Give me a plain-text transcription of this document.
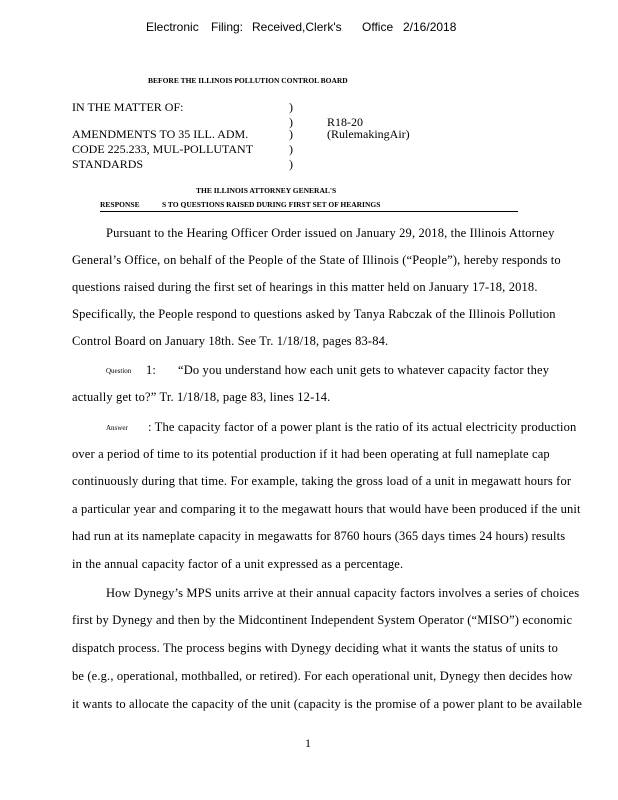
Electronic Filing: Received,Clerk's Office 2/16/2018
BEFORE THE ILLINOIS POLLUTION CONTROL BOARD
IN THE MATTER OF:
AMENDMENTS TO 35 ILL. ADM.
CODE 225.233, MUL-POLLUTANT
STANDARDS
)
)
)
)
)
R18-20
(RulemakingAir)
THE ILLINOIS ATTORNEY GENERAL'S
RESPONSE	S TO QUESTIONS RAISED DURING FIRST SET OF HEARINGS
Pursuant to the Hearing Officer Order issued on January 29, 2018, the Illinois Attorney
General’s Office, on behalf of the People of the State of Illinois (“People”), hereby responds to
questions raised during the first set of hearings in this matter held on January 17-18, 2018.
Specifically, the People respond to questions asked by Tanya Rabczak of the Illinois Pollution
Control Board on January 18th. See Tr. 1/18/18, pages 83-84.
Question 1: “Do you understand how each unit gets to whatever capacity factor they
actually get to?” Tr. 1/18/18, page 83, lines 12-14.
Answer : The capacity factor of a power plant is the ratio of its actual electricity production
over a period of time to its potential production if it had been operating at full nameplate cap
continuously during that time. For example, taking the gross load of a unit in megawatt hours for
a particular year and comparing it to the megawatt hours that would have been produced if the unit
had run at its nameplate capacity in megawatts for 8760 hours (365 days times 24 hours) results
in the annual capacity factor of a unit expressed as a percentage.
How Dynegy’s MPS units arrive at their annual capacity factors involves a series of choices
first by Dynegy and then by the Midcontinent Independent System Operator (“MISO”) economic
dispatch process. The process begins with Dynegy deciding what it wants the status of units to
be (e.g., operational, mothballed, or retired). For each operational unit, Dynegy then decides how
it wants to allocate the capacity of the unit (capacity is the promise of a power plant to be available
1
